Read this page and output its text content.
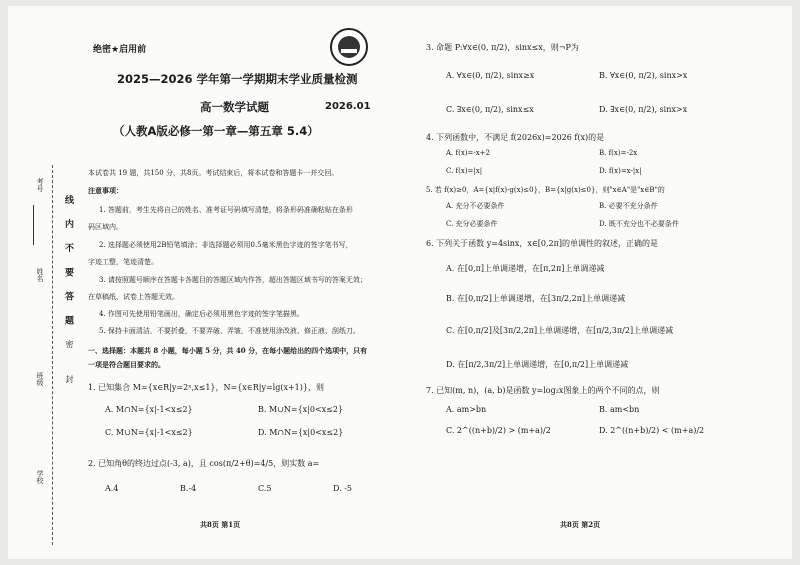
考号
姓名
班级
学校
线 内 不 要 答 题
密
封
绝密★启用前
2025—2026 学年第一学期期末学业质量检测
高一数学试题	2026.01
（人教A版必修一第一章—第五章 5.4）
本试卷共 19 题，共150 分，共8页。考试结束后，将本试卷和答题卡一并交回。
注意事项：
1. 答题前，考生先将自己的姓名、准考证号码填写清楚，将条形码准确粘贴在条形
码区域内。
2. 选择题必须使用2B铅笔填涂；非选择题必须用0.5毫米黑色字迹的签字笔书写，
字迹工整，笔迹清楚。
3. 请按照题号顺序在答题卡各题目的答题区域内作答，超出答题区域书写的答案无效；
在草稿纸、试卷上答题无效。
4. 作图可先使用铅笔画出，确定后必须用黑色字迹的签字笔描黑。
5. 保持卡面清洁，不要折叠，不要弄破、弄皱，不准使用涂改液、修正液、刮纸刀。
一、选择题：本题共 8 小题，每小题 5 分，共 40 分，在每小题给出的四个选项中，只有
一项是符合题目要求的。
1. 已知集合 M={x∈R|y=2ˣ,x≤1}，N={x∈R|y=lg(x+1)}，则
A. M∩N={x|-1<x≤2}	B. M∪N={x|0<x≤2}
C. M∪N={x|-1<x≤2}	D. M∩N={x|0<x≤2}
2. 已知角θ的终边过点(-3, a)，且 cos(π/2+θ)=4/5，则实数 a=
A.4	B.-4	C.5	D. -5
共8页 第1页
3. 命题 P:∀x∈(0, π/2)，sinx≤x，则¬P为
A. ∀x∈(0, π/2), sinx≥x	B. ∀x∈(0, π/2), sinx>x
C. ∃x∈(0, π/2), sinx≤x	D. ∃x∈(0, π/2), sinx>x
4. 下列函数中，不满足 f(2026x)=2026 f(x)的是
A. f(x)=-x+2	B. f(x)=-2x
C. f(x)=|x|	D. f(x)=x-|x|
5. 若 f(x)≥0，A={x|f(x)·g(x)≤0}，B={x|g(x)≤0}，则"x∈A"是"x∈B"的
A. 充分不必要条件	B. 必要不充分条件
C. 充分必要条件	D. 既不充分也不必要条件
6. 下列关于函数 y=4sinx，x∈[0,2π]的单调性的叙述，正确的是
A. 在[0,π]上单调递增，在[π,2π]上单调递减
B. 在[0,π/2]上单调递增，在[3π/2,2π]上单调递减
C. 在[0,π/2]及[3π/2,2π]上单调递增，在[π/2,3π/2]上单调递减
D. 在[π/2,3π/2]上单调递增，在[0,π/2]上单调递减
7. 已知(m, n)，(a, b)是函数 y=log₂x图象上的两个不同的点，则
A. am>bn	B. am<bn
C. 2^((n+b)/2) > (m+a)/2	D. 2^((n+b)/2) < (m+a)/2
共8页 第2页
